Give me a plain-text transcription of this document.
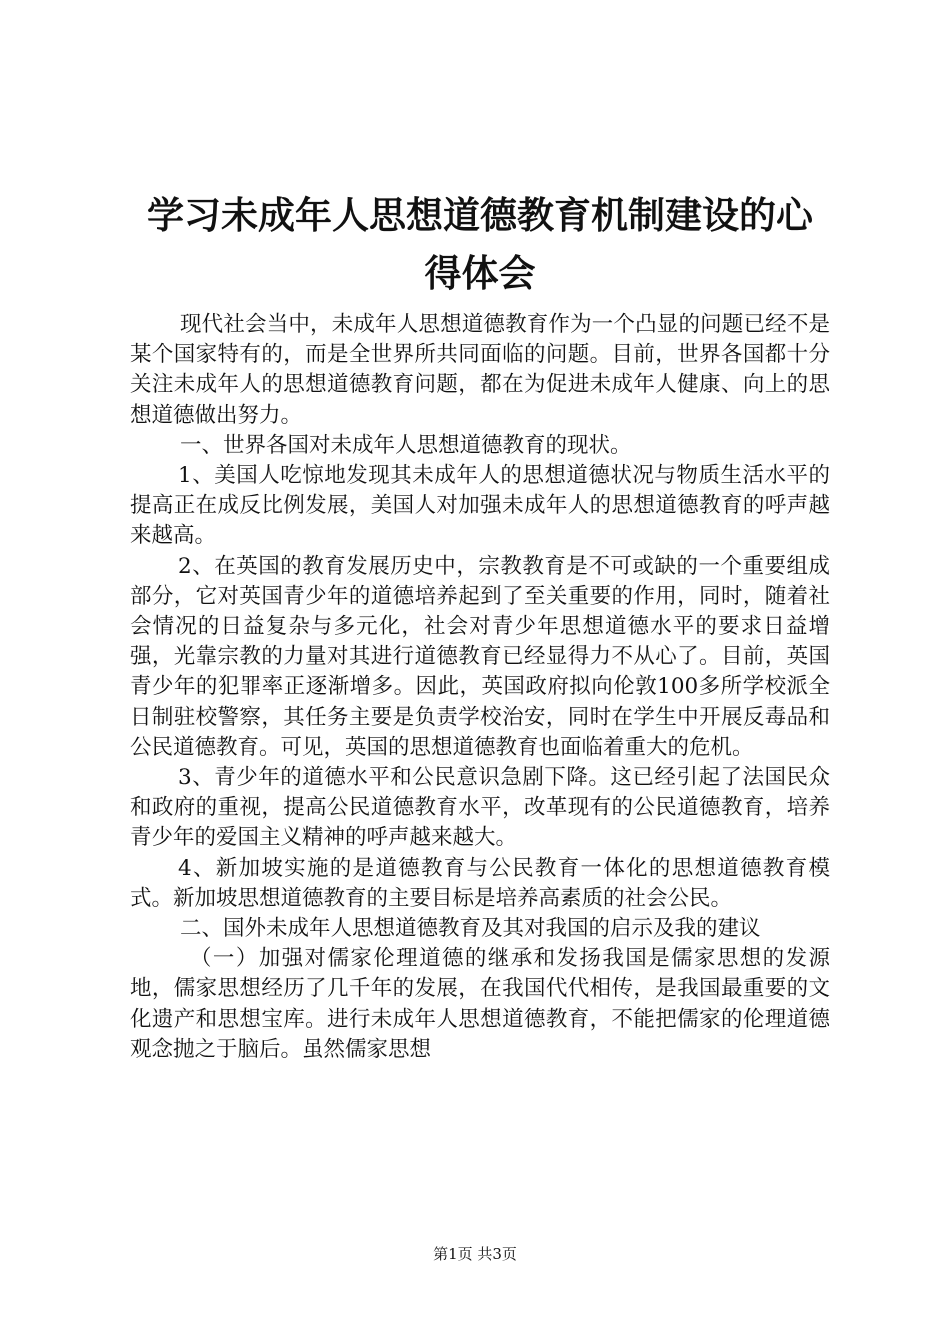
学习未成年人思想道德教育机制建设的心得体会

现代社会当中，未成年人思想道德教育作为一个凸显的问题已经不是某个国家特有的，而是全世界所共同面临的问题。目前，世界各国都十分关注未成年人的思想道德教育问题，都在为促进未成年人健康、向上的思想道德做出努力。

一、世界各国对未成年人思想道德教育的现状。

1、美国人吃惊地发现其未成年人的思想道德状况与物质生活水平的提高正在成反比例发展，美国人对加强未成年人的思想道德教育的呼声越来越高。

2、在英国的教育发展历史中，宗教教育是不可或缺的一个重要组成部分，它对英国青少年的道德培养起到了至关重要的作用，同时，随着社会情况的日益复杂与多元化，社会对青少年思想道德水平的要求日益增强，光靠宗教的力量对其进行道德教育已经显得力不从心了。目前，英国青少年的犯罪率正逐渐增多。因此，英国政府拟向伦敦100多所学校派全日制驻校警察，其任务主要是负责学校治安，同时在学生中开展反毒品和公民道德教育。可见，英国的思想道德教育也面临着重大的危机。

3、青少年的道德水平和公民意识急剧下降。这已经引起了法国民众和政府的重视，提高公民道德教育水平，改革现有的公民道德教育，培养青少年的爱国主义精神的呼声越来越大。

4、新加坡实施的是道德教育与公民教育一体化的思想道德教育模式。新加坡思想道德教育的主要目标是培养高素质的社会公民。

二、国外未成年人思想道德教育及其对我国的启示及我的建议

（一）加强对儒家伦理道德的继承和发扬我国是儒家思想的发源地，儒家思想经历了几千年的发展，在我国代代相传，是我国最重要的文化遗产和思想宝库。进行未成年人思想道德教育，不能把儒家的伦理道德观念抛之于脑后。虽然儒家思想

第1页 共3页
